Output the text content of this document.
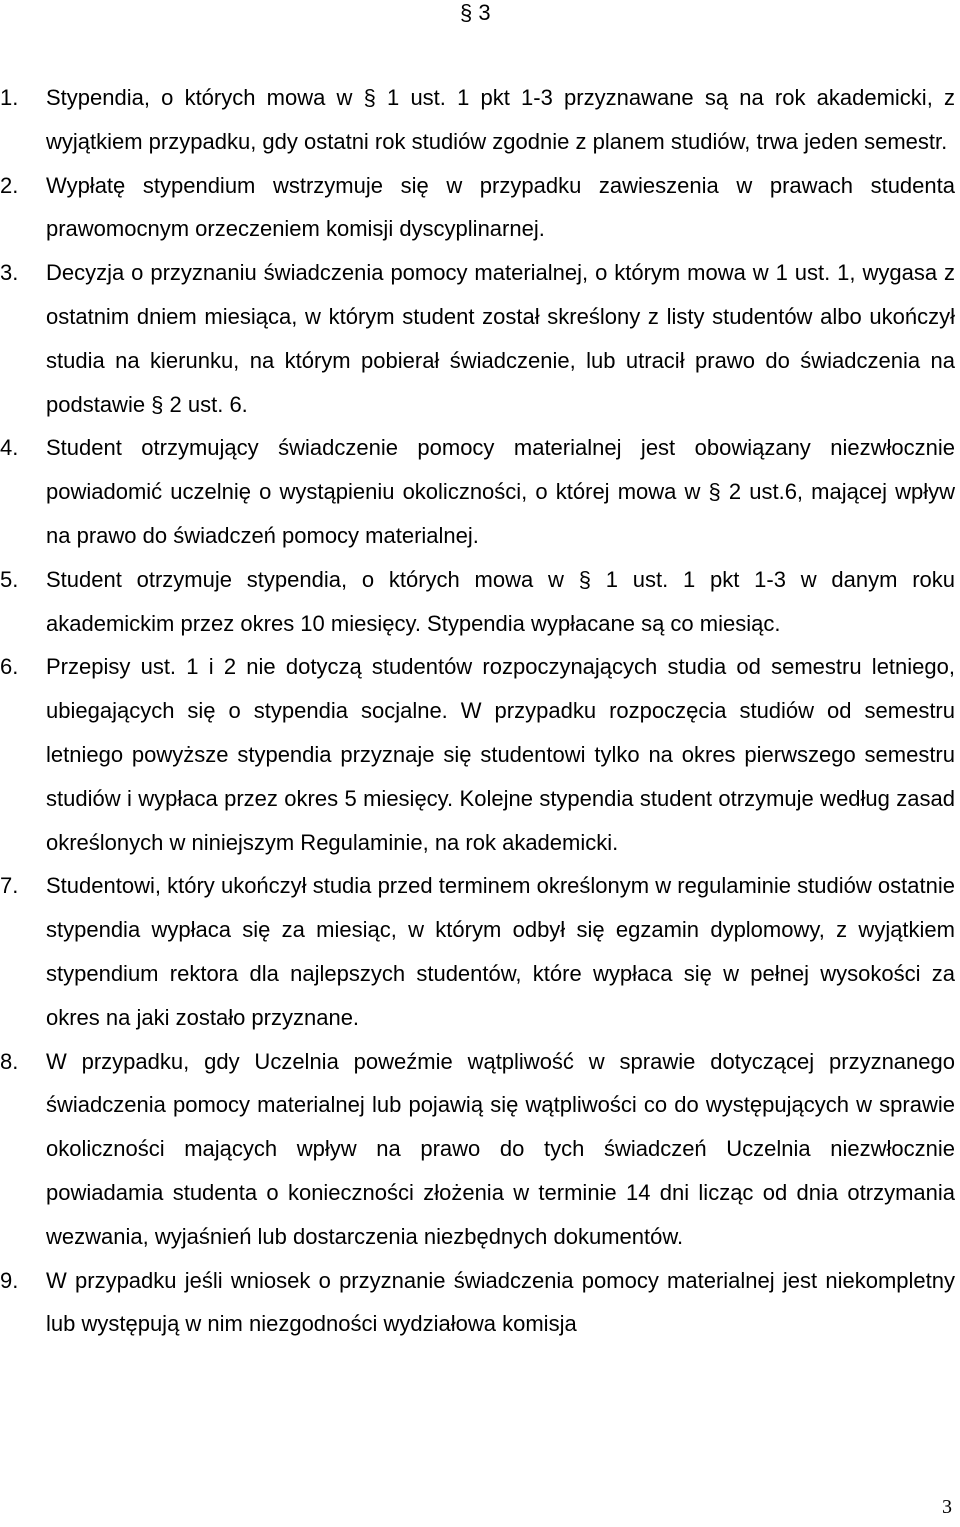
§ 3
1. Stypendia, o których mowa w § 1 ust. 1 pkt 1-3 przyznawane są na rok akademicki, z wyjątkiem przypadku, gdy ostatni rok studiów zgodnie z planem studiów, trwa jeden semestr.
2. Wypłatę stypendium wstrzymuje się w przypadku zawieszenia w prawach studenta prawomocnym orzeczeniem komisji dyscyplinarnej.
3. Decyzja o przyznaniu świadczenia pomocy materialnej, o którym mowa w 1 ust. 1, wygasa z ostatnim dniem miesiąca, w którym student został skreślony z listy studentów albo ukończył studia na kierunku, na którym pobierał świadczenie, lub utracił prawo do świadczenia na podstawie § 2 ust. 6.
4. Student otrzymujący świadczenie pomocy materialnej jest obowiązany niezwłocznie powiadomić uczelnię o wystąpieniu okoliczności, o której mowa w § 2 ust.6, mającej wpływ na prawo do świadczeń pomocy materialnej.
5. Student otrzymuje stypendia, o których mowa w § 1 ust. 1 pkt 1-3 w danym roku akademickim przez okres 10 miesięcy. Stypendia wypłacane są co miesiąc.
6. Przepisy ust. 1 i 2 nie dotyczą studentów rozpoczynających studia od semestru letniego, ubiegających się o stypendia socjalne. W przypadku rozpoczęcia studiów od semestru letniego powyższe stypendia przyznaje się studentowi tylko na okres pierwszego semestru studiów i wypłaca przez okres 5 miesięcy. Kolejne stypendia student otrzymuje według zasad określonych w niniejszym Regulaminie, na rok akademicki.
7. Studentowi, który ukończył studia przed terminem określonym w regulaminie studiów ostatnie stypendia wypłaca się za miesiąc, w którym odbył się egzamin dyplomowy, z wyjątkiem stypendium rektora dla najlepszych studentów, które wypłaca się w pełnej wysokości za okres na jaki zostało przyznane.
8. W przypadku, gdy Uczelnia poweźmie wątpliwość w sprawie dotyczącej przyznanego świadczenia pomocy materialnej lub pojawią się wątpliwości co do występujących w sprawie okoliczności mających wpływ na prawo do tych świadczeń Uczelnia niezwłocznie powiadamia studenta o konieczności złożenia w terminie 14 dni licząc od dnia otrzymania wezwania, wyjaśnień lub dostarczenia niezbędnych dokumentów.
9. W przypadku jeśli wniosek o przyznanie świadczenia pomocy materialnej jest niekompletny lub występują w nim niezgodności wydziałowa komisja
3
